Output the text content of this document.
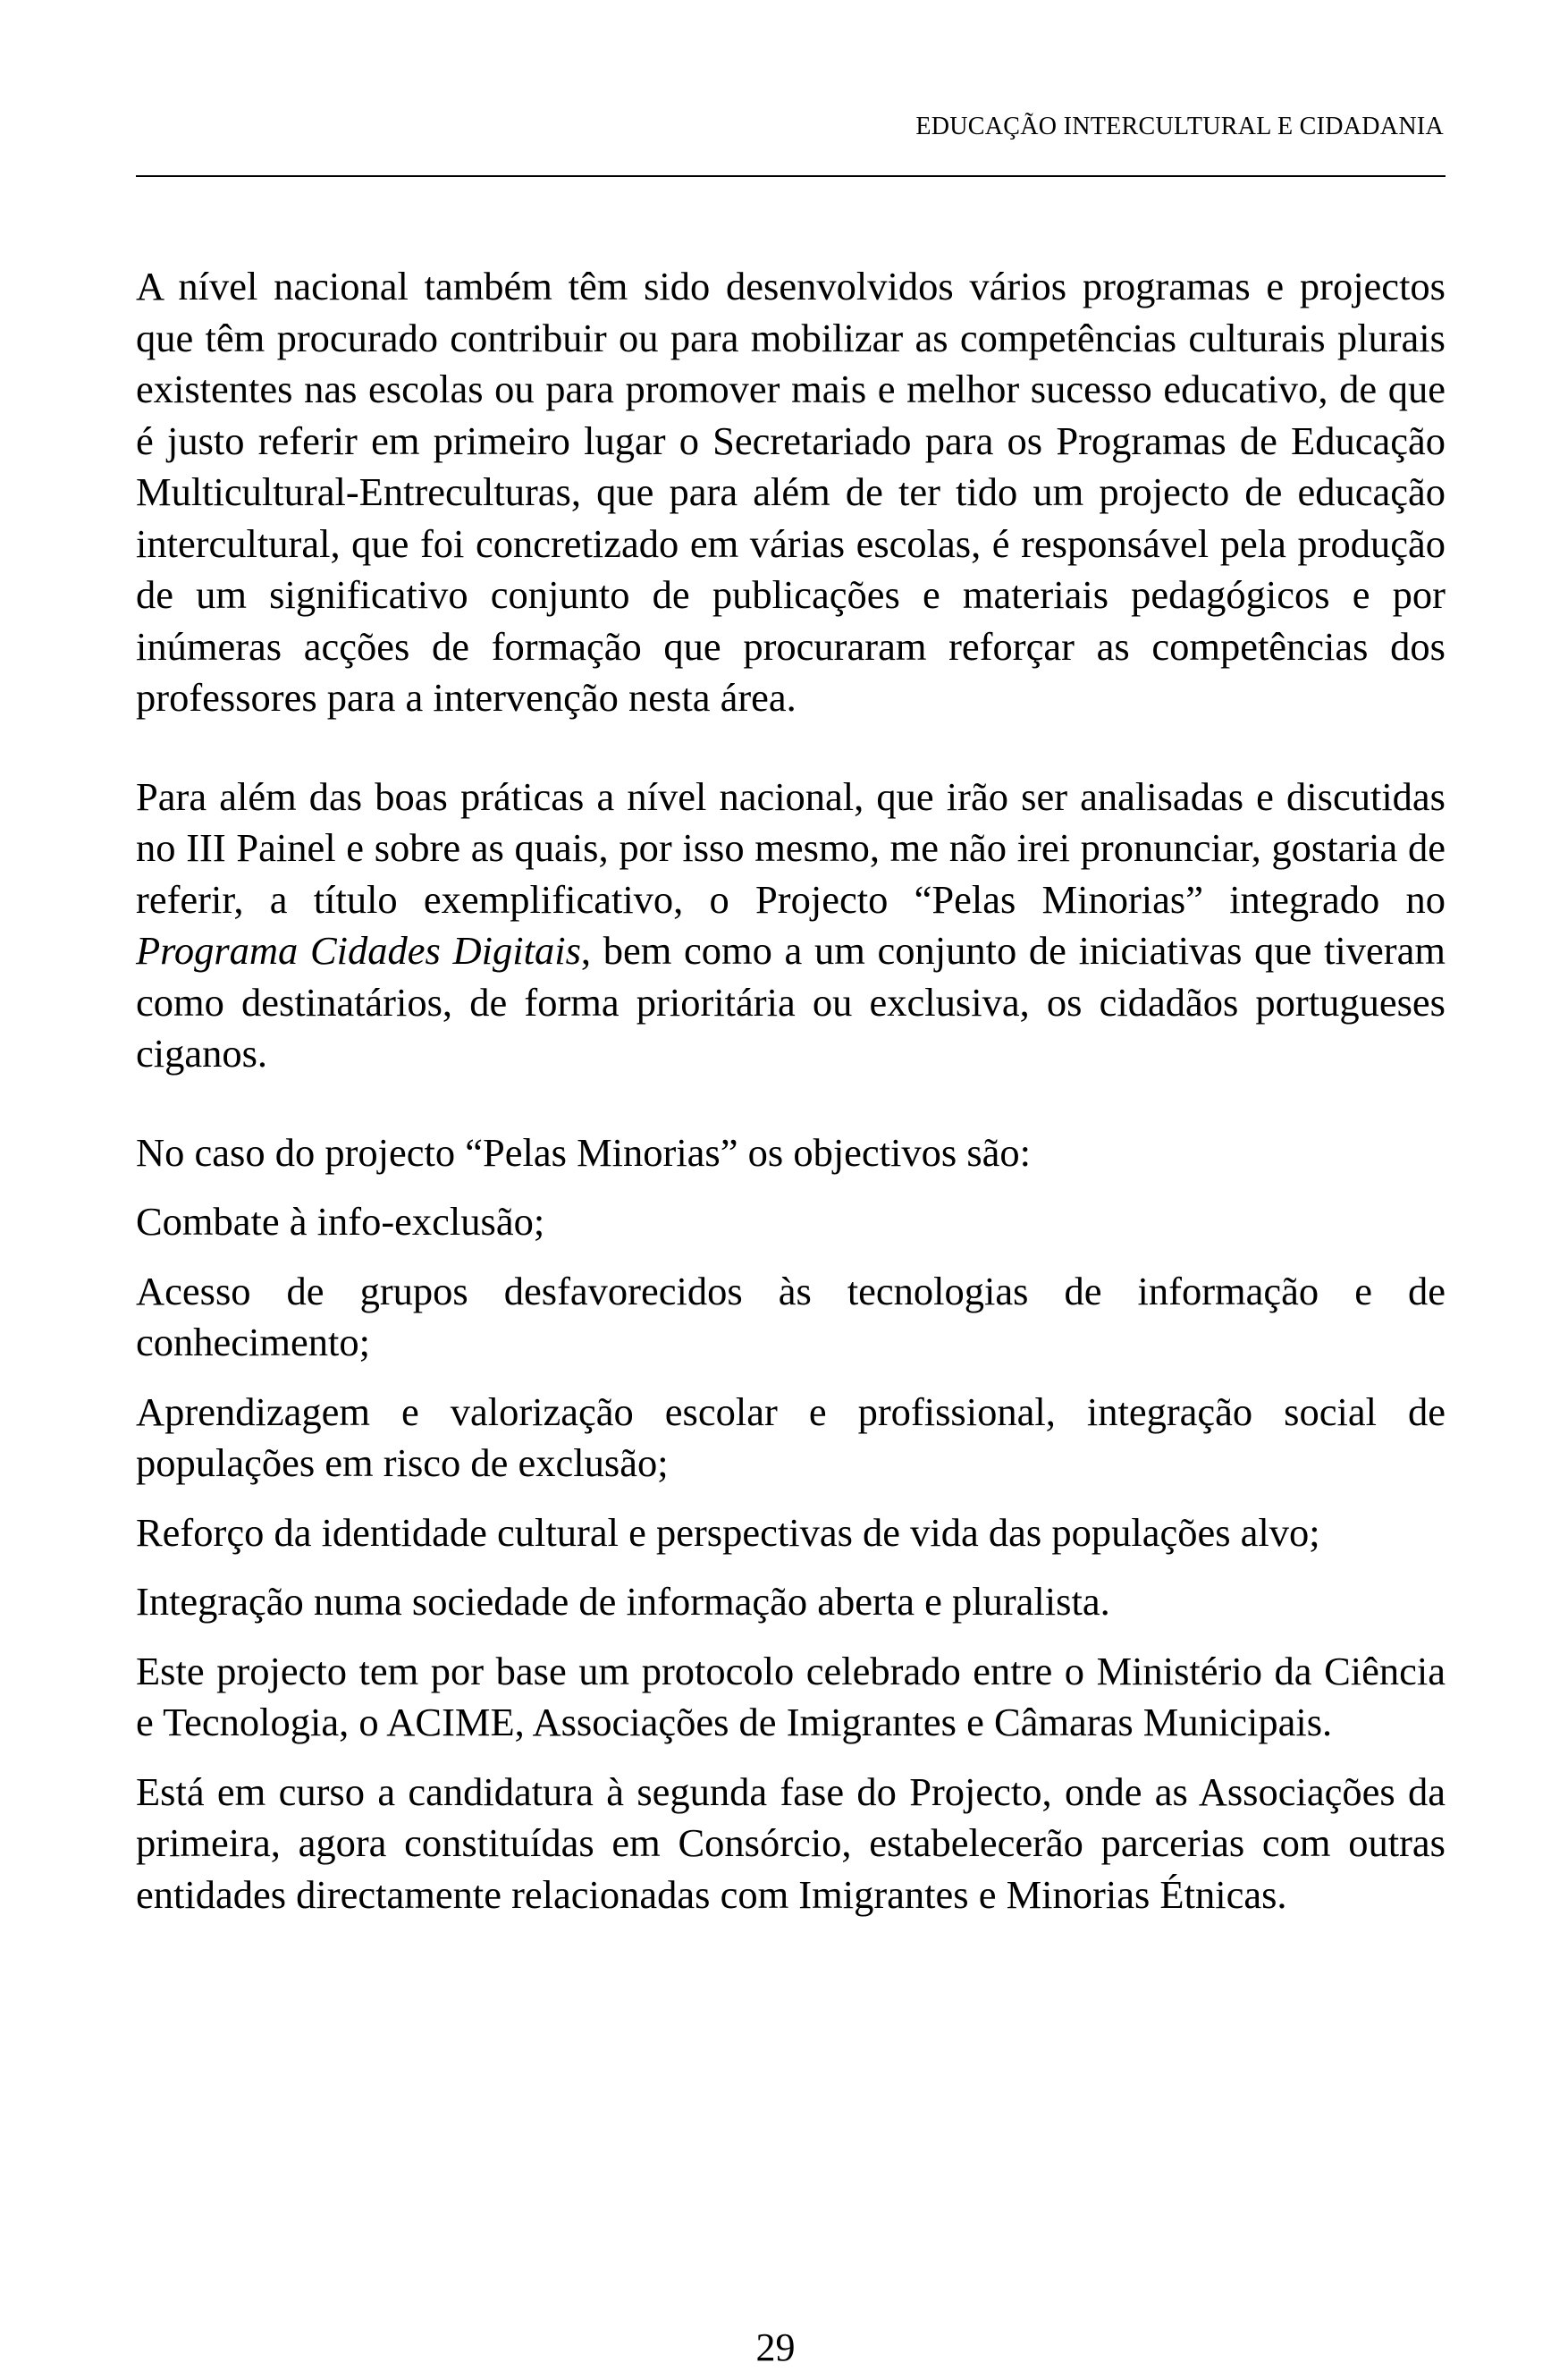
EDUCAÇÃO INTERCULTURAL E CIDADANIA

A nível nacional também têm sido desenvolvidos vários programas e projectos que têm procurado contribuir ou para mobilizar as competências culturais plurais existentes nas escolas ou para promover mais e melhor sucesso educativo, de que é justo referir em primeiro lugar o Secretariado para os Programas de Educação Multicultural-Entreculturas, que para além de ter tido um projecto de educação intercultural, que foi concretizado em várias escolas, é responsável pela produção de um significativo conjunto de publicações e materiais pedagógicos e por inúmeras acções de formação que procuraram reforçar as competências dos professores para a intervenção nesta área.

Para além das boas práticas a nível nacional, que irão ser analisadas e discutidas no III Painel e sobre as quais, por isso mesmo, me não irei pronunciar, gostaria de referir, a título exemplificativo, o Projecto “Pelas Minorias” integrado no Programa Cidades Digitais, bem como a um conjunto de iniciativas que tiveram como destinatários, de forma prioritária ou exclusiva, os cidadãos portugueses ciganos.

No caso do projecto “Pelas Minorias” os objectivos são:

Combate à info-exclusão;

Acesso de grupos desfavorecidos às tecnologias de informação e de conhecimento;

Aprendizagem e valorização escolar e profissional, integração social de populações em risco de exclusão;

Reforço da identidade cultural e perspectivas de vida das populações alvo;

Integração numa sociedade de informação aberta e pluralista.

Este projecto tem por base um protocolo celebrado entre o Ministério da Ciência e Tecnologia, o ACIME, Associações de Imigrantes e Câmaras Municipais.

Está em curso a candidatura à segunda fase do Projecto, onde as Associações da primeira, agora constituídas em Consórcio, estabelecerão parcerias com outras entidades directamente relacionadas com Imigrantes e Minorias Étnicas.

29
